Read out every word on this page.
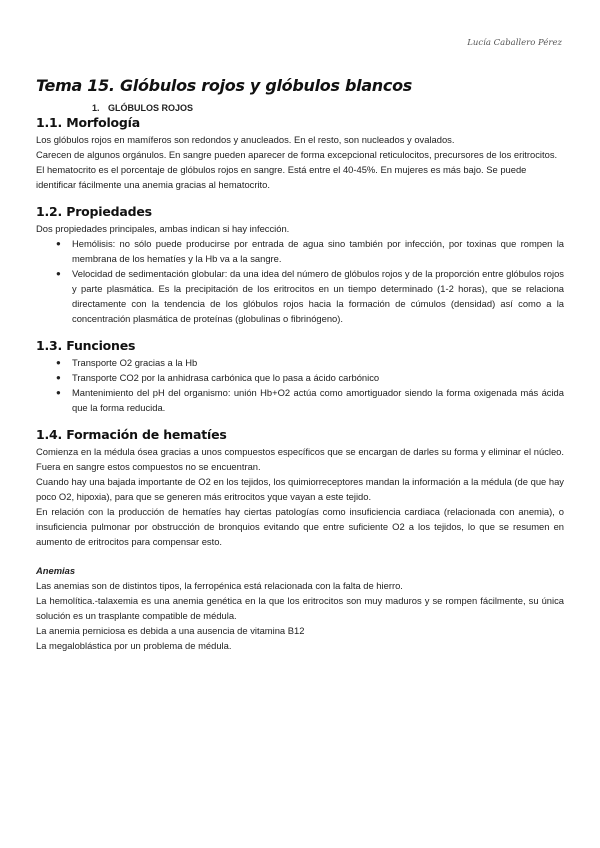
Lucía Caballero Pérez
Tema 15. Glóbulos rojos y glóbulos blancos
1. GLÓBULOS ROJOS
1.1. Morfología

Los glóbulos rojos en mamíferos son redondos y anucleados. En el resto, son nucleados y ovalados.

Carecen de algunos orgánulos. En sangre pueden aparecer de forma excepcional reticulocitos, precursores de los eritrocitos.

El hematocrito es el porcentaje de glóbulos rojos en sangre. Está entre el 40-45%. En mujeres es más bajo. Se puede identificar fácilmente una anemia gracias al hematocrito.

1.2. Propiedades

Dos propiedades principales, ambas indican si hay infección.

● Hemólisis: no sólo puede producirse por entrada de agua sino también por infección, por toxinas que rompen la membrana de los hematíes y la Hb va a la sangre.
● Velocidad de sedimentación globular: da una idea del número de glóbulos rojos y de la proporción entre glóbulos rojos y parte plasmática. Es la precipitación de los eritrocitos en un tiempo determinado (1-2 horas), que se relaciona directamente con la tendencia de los glóbulos rojos hacia la formación de cúmulos (densidad) así como a la concentración plasmática de proteínas (globulinas o fibrinógeno).
1.3. Funciones
● Transporte O2 gracias a la Hb
● Transporte CO2 por la anhidrasa carbónica que lo pasa a ácido carbónico
● Mantenimiento del pH del organismo: unión Hb+O2 actúa como amortiguador siendo la forma oxigenada más ácida que la forma reducida.
1.4. Formación de hematíes

Comienza en la médula ósea gracias a unos compuestos específicos que se encargan de darles su forma y eliminar el núcleo. Fuera en sangre estos compuestos no se encuentran.

Cuando hay una bajada importante de O2 en los tejidos, los quimiorreceptores mandan la información a la médula (de que hay poco O2, hipoxia), para que se generen más eritrocitos yque vayan a este tejido.

En relación con la producción de hematíes hay ciertas patologías como insuficiencia cardiaca (relacionada con anemia), o insuficiencia pulmonar por obstrucción de bronquios evitando que entre suficiente O2 a los tejidos, lo que se resumen en aumento de eritrocitos para compensar esto.

Anemias

Las anemias son de distintos tipos, la ferropénica está relacionada con la falta de hierro.

La hemolítica.-talaxemia es una anemia genética en la que los eritrocitos son muy maduros y se rompen fácilmente, su única solución es un trasplante compatible de médula.

La anemia perniciosa es debida a una ausencia de vitamina B12

La megaloblástica por un problema de médula.
